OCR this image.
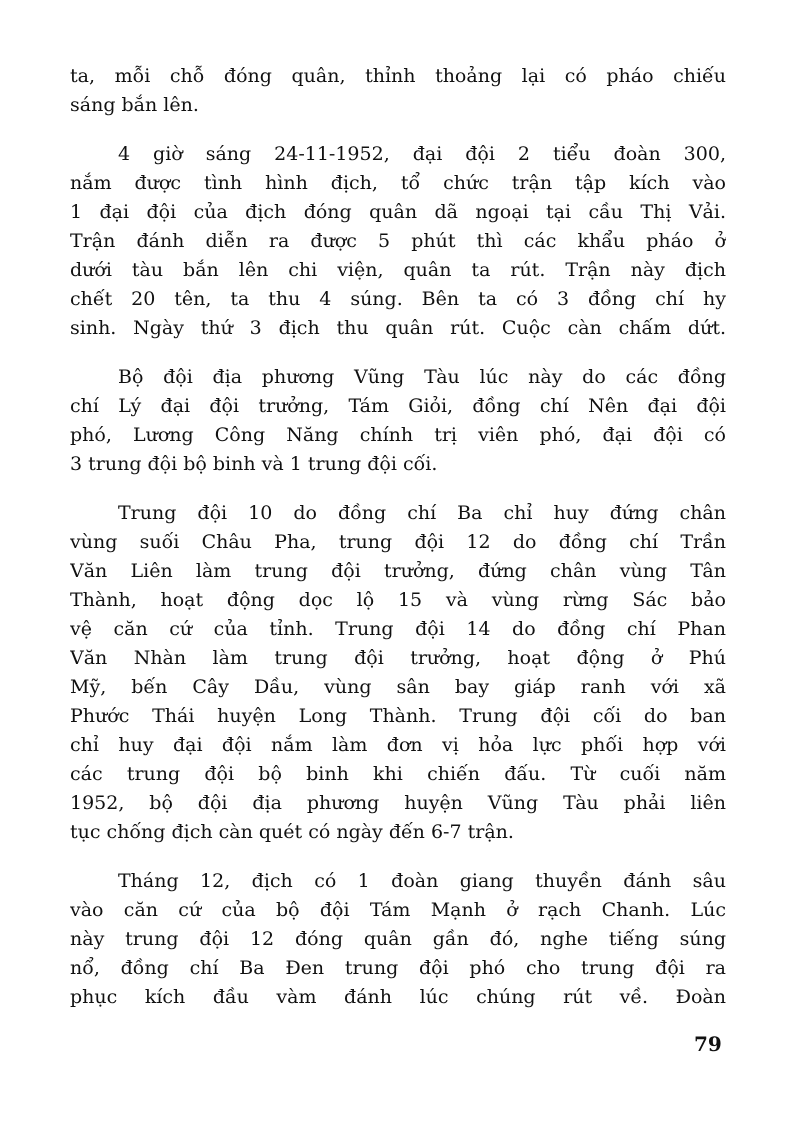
ta, mỗi chỗ đóng quân, thỉnh thoảng lại có pháo chiếu
sáng bắn lên.

4 giờ sáng 24-11-1952, đại đội 2 tiểu đoàn 300,
nắm được tình hình địch, tổ chức trận tập kích vào
1 đại đội của địch đóng quân dã ngoại tại cầu Thị Vải.
Trận đánh diễn ra được 5 phút thì các khẩu pháo ở
dưới tàu bắn lên chi viện, quân ta rút. Trận này địch
chết 20 tên, ta thu 4 súng. Bên ta có 3 đồng chí hy
sinh. Ngày thứ 3 địch thu quân rút. Cuộc càn chấm dứt.

Bộ đội địa phương Vũng Tàu lúc này do các đồng
chí Lý đại đội trưởng, Tám Giỏi, đồng chí Nên đại đội
phó, Lương Công Năng chính trị viên phó, đại đội có
3 trung đội bộ binh và 1 trung đội cối.

Trung đội 10 do đồng chí Ba chỉ huy đứng chân
vùng suối Châu Pha, trung đội 12 do đồng chí Trần
Văn Liên làm trung đội trưởng, đứng chân vùng Tân
Thành, hoạt động dọc lộ 15 và vùng rừng Sác bảo
vệ căn cứ của tỉnh. Trung đội 14 do đồng chí Phan
Văn Nhàn làm trung đội trưởng, hoạt động ở Phú
Mỹ, bến Cây Dầu, vùng sân bay giáp ranh với xã
Phước Thái huyện Long Thành. Trung đội cối do ban
chỉ huy đại đội nắm làm đơn vị hỏa lực phối hợp với
các trung đội bộ binh khi chiến đấu. Từ cuối năm
1952, bộ đội địa phương huyện Vũng Tàu phải liên
tục chống địch càn quét có ngày đến 6-7 trận.

Tháng 12, địch có 1 đoàn giang thuyền đánh sâu
vào căn cứ của bộ đội Tám Mạnh ở rạch Chanh. Lúc
này trung đội 12 đóng quân gần đó, nghe tiếng súng
nổ, đồng chí Ba Đen trung đội phó cho trung đội ra
phục kích đầu vàm đánh lúc chúng rút về. Đoàn

79
